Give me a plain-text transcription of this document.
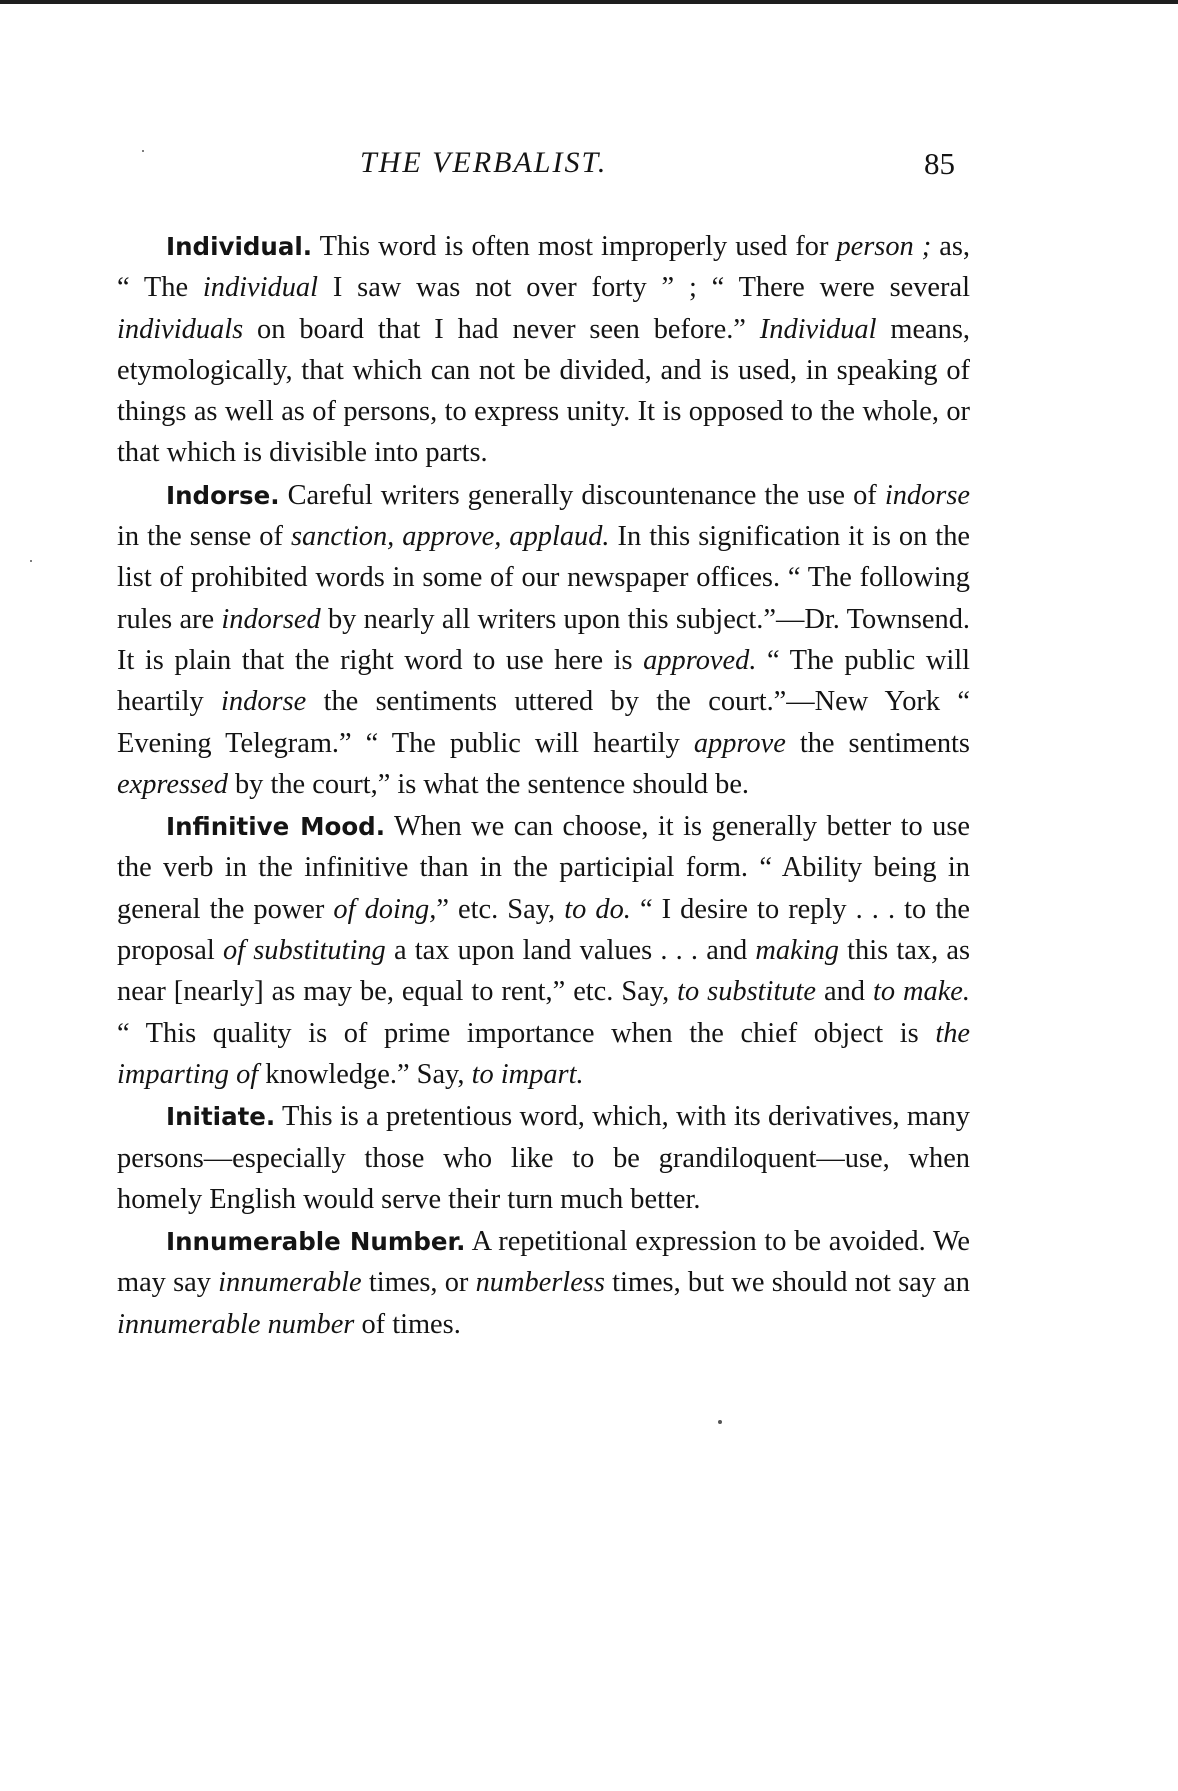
THE VERBALIST.	85

Individual. This word is often most improperly used for person ; as, “ The individual I saw was not over forty ” ; “ There were several individuals on board that I had never seen before.” Individual means, etymologically, that which can not be divided, and is used, in speaking of things as well as of persons, to express unity. It is opposed to the whole, or that which is divisible into parts.

Indorse. Careful writers generally discountenance the use of indorse in the sense of sanction, approve, applaud. In this signification it is on the list of prohibited words in some of our newspaper offices. “ The following rules are indorsed by nearly all writers upon this subject.”—Dr. Townsend. It is plain that the right word to use here is approved. “ The public will heartily indorse the sentiments uttered by the court.”—New York “ Evening Telegram.” “ The public will heartily approve the sentiments expressed by the court,” is what the sentence should be.

Infinitive Mood. When we can choose, it is generally better to use the verb in the infinitive than in the participial form. “ Ability being in general the power of doing,” etc. Say, to do. “ I desire to reply . . . to the proposal of substituting a tax upon land values . . . and making this tax, as near [nearly] as may be, equal to rent,” etc. Say, to substitute and to make. “ This quality is of prime importance when the chief object is the imparting of knowledge.” Say, to impart.

Initiate. This is a pretentious word, which, with its derivatives, many persons—especially those who like to be grandiloquent—use, when homely English would serve their turn much better.

Innumerable Number. A repetitional expression to be avoided. We may say innumerable times, or numberless times, but we should not say an innumerable number of times.
